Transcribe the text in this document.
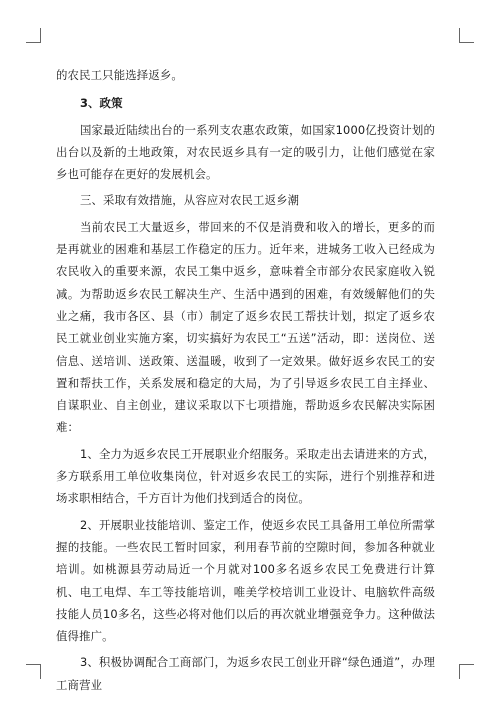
的农民工只能选择返乡。

3、政策

国家最近陆续出台的一系列支农惠农政策，如国家1000亿投资计划的出台以及新的土地政策，对农民返乡具有一定的吸引力，让他们感觉在家乡也可能存在更好的发展机会。

三、采取有效措施，从容应对农民工返乡潮

当前农民工大量返乡，带回来的不仅是消费和收入的增长，更多的而是再就业的困难和基层工作稳定的压力。近年来，进城务工收入已经成为农民收入的重要来源，农民工集中返乡，意味着全市部分农民家庭收入锐减。为帮助返乡农民工解决生产、生活中遇到的困难，有效缓解他们的失业之痛，我市各区、县（市）制定了返乡农民工帮扶计划，拟定了返乡农民工就业创业实施方案，切实搞好为农民工“五送”活动，即：送岗位、送信息、送培训、送政策、送温暖，收到了一定效果。做好返乡农民工的安置和帮扶工作，关系发展和稳定的大局，为了引导返乡农民工自主择业、自谋职业、自主创业，建议采取以下七项措施，帮助返乡农民解决实际困难：

1、全力为返乡农民工开展职业介绍服务。采取走出去请进来的方式，多方联系用工单位收集岗位，针对返乡农民工的实际，进行个别推荐和进场求职相结合，千方百计为他们找到适合的岗位。

2、开展职业技能培训、鉴定工作，使返乡农民工具备用工单位所需掌握的技能。一些农民工暂时回家，利用春节前的空隙时间，参加各种就业培训。如桃源县劳动局近一个月就对100多名返乡农民工免费进行计算机、电工电焊、车工等技能培训，唯美学校培训工业设计、电脑软件高级技能人员10多名，这些必将对他们以后的再次就业增强竞争力。这种做法值得推广。

3、积极协调配合工商部门，为返乡农民工创业开辟“绿色通道”，办理工商营业
